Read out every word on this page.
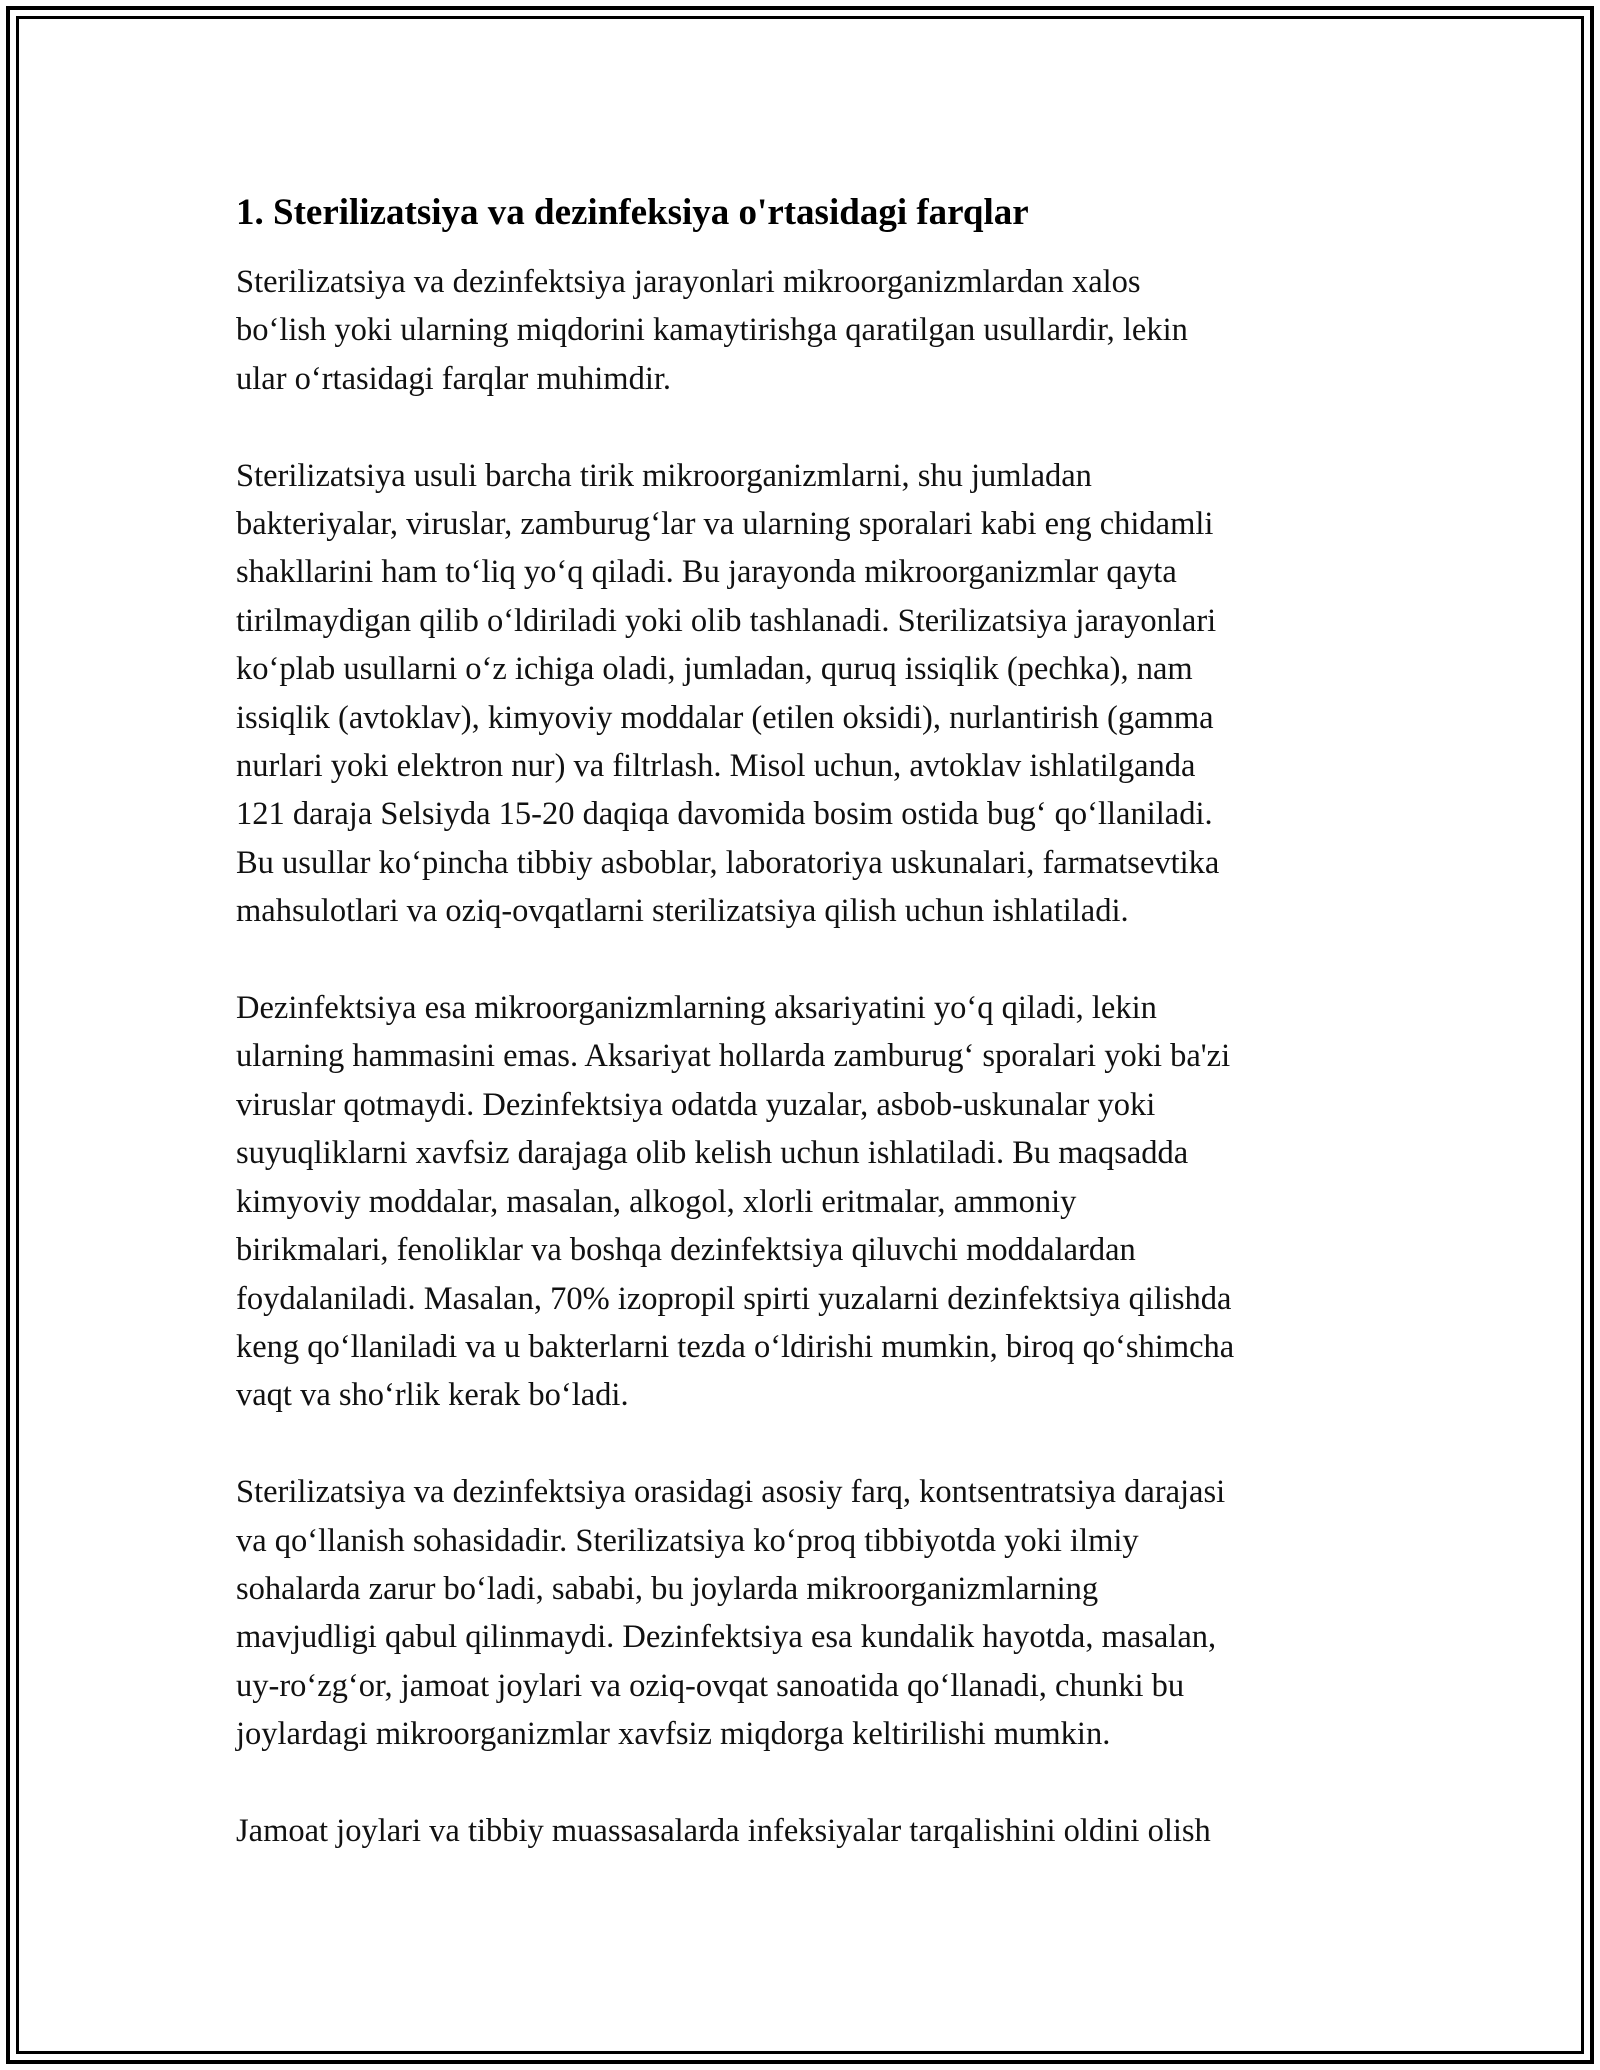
1. Sterilizatsiya va dezinfeksiya o'rtasidagi farqlar
Sterilizatsiya va dezinfektsiya jarayonlari mikroorganizmlardan xalos
boʻlish yoki ularning miqdorini kamaytirishga qaratilgan usullardir, lekin
ular oʻrtasidagi farqlar muhimdir.
Sterilizatsiya usuli barcha tirik mikroorganizmlarni, shu jumladan
bakteriyalar, viruslar, zamburugʻlar va ularning sporalari kabi eng chidamli
shakllarini ham toʻliq yoʻq qiladi. Bu jarayonda mikroorganizmlar qayta
tirilmaydigan qilib oʻldiriladi yoki olib tashlanadi. Sterilizatsiya jarayonlari
koʻplab usullarni oʻz ichiga oladi, jumladan, quruq issiqlik (pechka), nam
issiqlik (avtoklav), kimyoviy moddalar (etilen oksidi), nurlantirish (gamma
nurlari yoki elektron nur) va filtrlash. Misol uchun, avtoklav ishlatilganda
121 daraja Selsiyda 15-20 daqiqa davomida bosim ostida bugʻ qoʻllaniladi.
Bu usullar koʻpincha tibbiy asboblar, laboratoriya uskunalari, farmatsevtika
mahsulotlari va oziq-ovqatlarni sterilizatsiya qilish uchun ishlatiladi.
Dezinfektsiya esa mikroorganizmlarning aksariyatini yoʻq qiladi, lekin
ularning hammasini emas. Aksariyat hollarda zamburugʻ sporalari yoki ba'zi
viruslar qotmaydi. Dezinfektsiya odatda yuzalar, asbob-uskunalar yoki
suyuqliklarni xavfsiz darajaga olib kelish uchun ishlatiladi. Bu maqsadda
kimyoviy moddalar, masalan, alkogol, xlorli eritmalar, ammoniy
birikmalari, fenoliklar va boshqa dezinfektsiya qiluvchi moddalardan
foydalaniladi. Masalan, 70% izopropil spirti yuzalarni dezinfektsiya qilishda
keng qoʻllaniladi va u bakterlarni tezda oʻldirishi mumkin, biroq qoʻshimcha
vaqt va shoʻrlik kerak boʻladi.
Sterilizatsiya va dezinfektsiya orasidagi asosiy farq, kontsentratsiya darajasi
va qoʻllanish sohasidadir. Sterilizatsiya koʻproq tibbiyotda yoki ilmiy
sohalarda zarur boʻladi, sababi, bu joylarda mikroorganizmlarning
mavjudligi qabul qilinmaydi. Dezinfektsiya esa kundalik hayotda, masalan,
uy-roʻzgʻor, jamoat joylari va oziq-ovqat sanoatida qoʻllanadi, chunki bu
joylardagi mikroorganizmlar xavfsiz miqdorga keltirilishi mumkin.
Jamoat joylari va tibbiy muassasalarda infeksiyalar tarqalishini oldini olish
